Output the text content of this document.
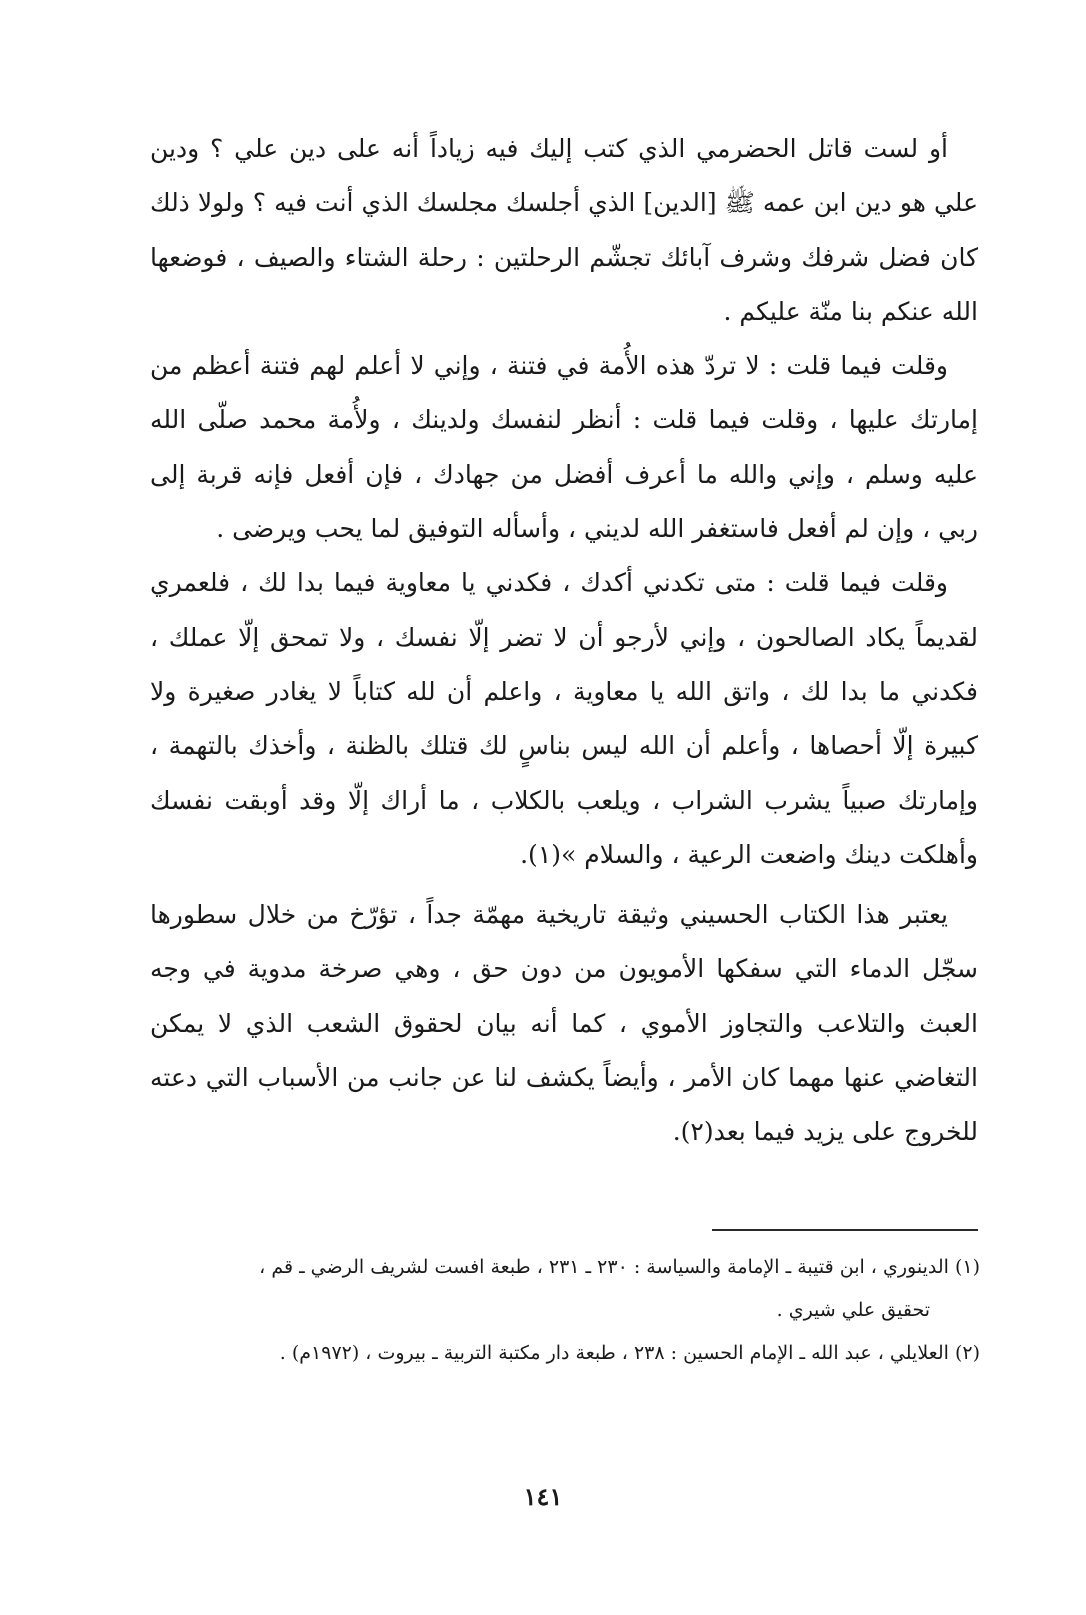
أو لست قاتل الحضرمي الذي كتب إليك فيه زياداً أنه على دين علي ؟ ودين علي هو دين ابن عمه ﷺ [الدين] الذي أجلسك مجلسك الذي أنت فيه ؟ ولولا ذلك كان فضل شرفك وشرف آبائك تجشّم الرحلتين : رحلة الشتاء والصيف ، فوضعها الله عنكم بنا منّة عليكم .

وقلت فيما قلت : لا تردّ هذه الأُمة في فتنة ، وإني لا أعلم لهم فتنة أعظم من إمارتك عليها ، وقلت فيما قلت : أنظر لنفسك ولدينك ، ولأُمة محمد صلّى الله عليه وسلم ، وإني والله ما أعرف أفضل من جهادك ، فإن أفعل فإنه قربة إلى ربي ، وإن لم أفعل فاستغفر الله لديني ، وأسأله التوفيق لما يحب ويرضى .

وقلت فيما قلت : متى تكدني أكدك ، فكدني يا معاوية فيما بدا لك ، فلعمري لقديماً يكاد الصالحون ، وإني لأرجو أن لا تضر إلّا نفسك ، ولا تمحق إلّا عملك ، فكدني ما بدا لك ، واتق الله يا معاوية ، واعلم أن لله كتاباً لا يغادر صغيرة ولا كبيرة إلّا أحصاها ، وأعلم أن الله ليس بناسٍ لك قتلك بالظنة ، وأخذك بالتهمة ، وإمارتك صبياً يشرب الشراب ، ويلعب بالكلاب ، ما أراك إلّا وقد أوبقت نفسك وأهلكت دينك واضعت الرعية ، والسلام »(١).

يعتبر هذا الكتاب الحسيني وثيقة تاريخية مهمّة جداً ، تؤرّخ من خلال سطورها سجّل الدماء التي سفكها الأمويون من دون حق ، وهي صرخة مدوية في وجه العبث والتلاعب والتجاوز الأموي ، كما أنه بيان لحقوق الشعب الذي لا يمكن التغاضي عنها مهما كان الأمر ، وأيضاً يكشف لنا عن جانب من الأسباب التي دعته للخروج على يزيد فيما بعد(٢).

(١) الدينوري ، ابن قتيبة ـ الإمامة والسياسة : ٢٣٠ ـ ٢٣١ ، طبعة افست لشريف الرضي ـ قم ،

تحقيق علي شيري .

(٢) العلايلي ، عبد الله ـ الإمام الحسين : ٢٣٨ ، طبعة دار مكتبة التربية ـ بيروت ، (١٩٧٢م) .

١٤١
